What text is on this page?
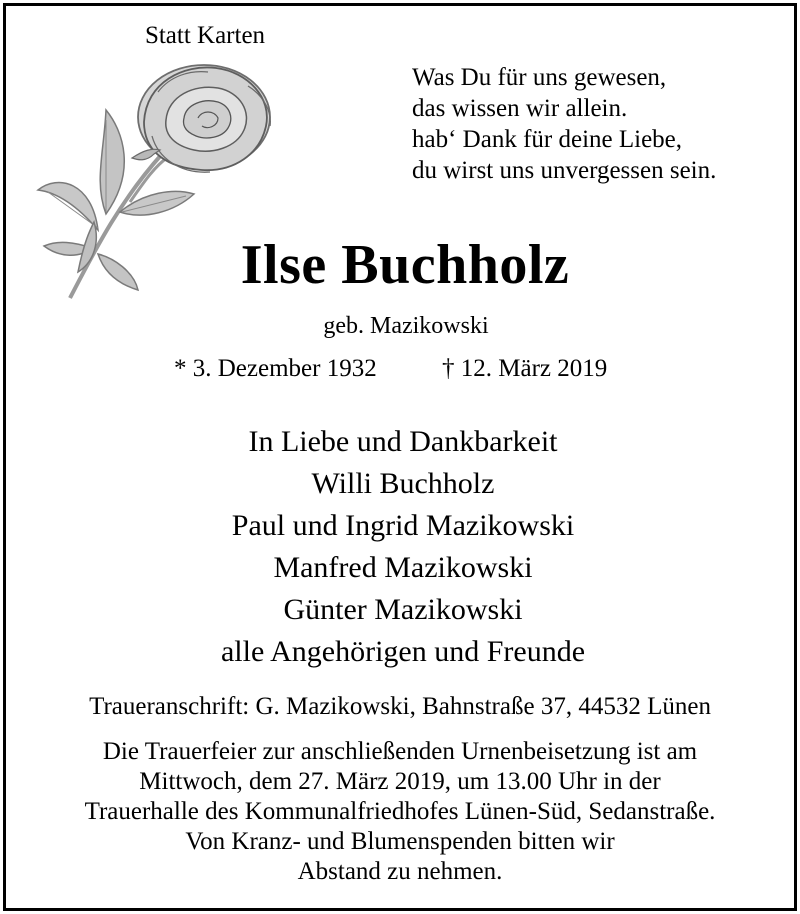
Statt Karten
Was Du für uns gewesen,
das wissen wir allein.
hab‘ Dank für deine Liebe,
du wirst uns unvergessen sein.
Ilse Buchholz
geb. Mazikowski
* 3. Dezember 1932	† 12. März 2019
In Liebe und Dankbarkeit
Willi Buchholz
Paul und Ingrid Mazikowski
Manfred Mazikowski
Günter Mazikowski
alle Angehörigen und Freunde
Traueranschrift: G. Mazikowski, Bahnstraße 37, 44532 Lünen
Die Trauerfeier zur anschließenden Urnenbeisetzung ist am
Mittwoch, dem 27. März 2019, um 13.00 Uhr in der
Trauerhalle des Kommunalfriedhofes Lünen-Süd, Sedanstraße.
Von Kranz- und Blumenspenden bitten wir
Abstand zu nehmen.
